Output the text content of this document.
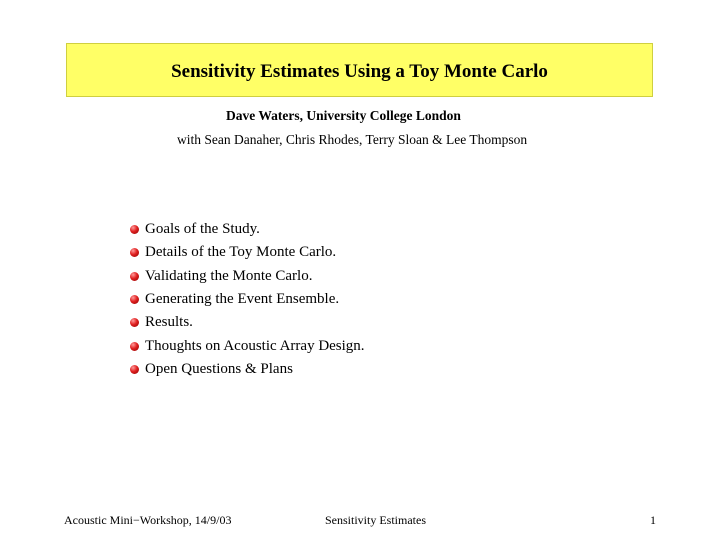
Sensitivity Estimates Using a Toy Monte Carlo
Dave Waters, University College London
with Sean Danaher, Chris Rhodes, Terry Sloan & Lee Thompson
Goals of the Study.
Details of the Toy Monte Carlo.
Validating the Monte Carlo.
Generating the Event Ensemble.
Results.
Thoughts on Acoustic Array Design.
Open Questions & Plans
Acoustic Mini−Workshop, 14/9/03	Sensitivity Estimates	1
